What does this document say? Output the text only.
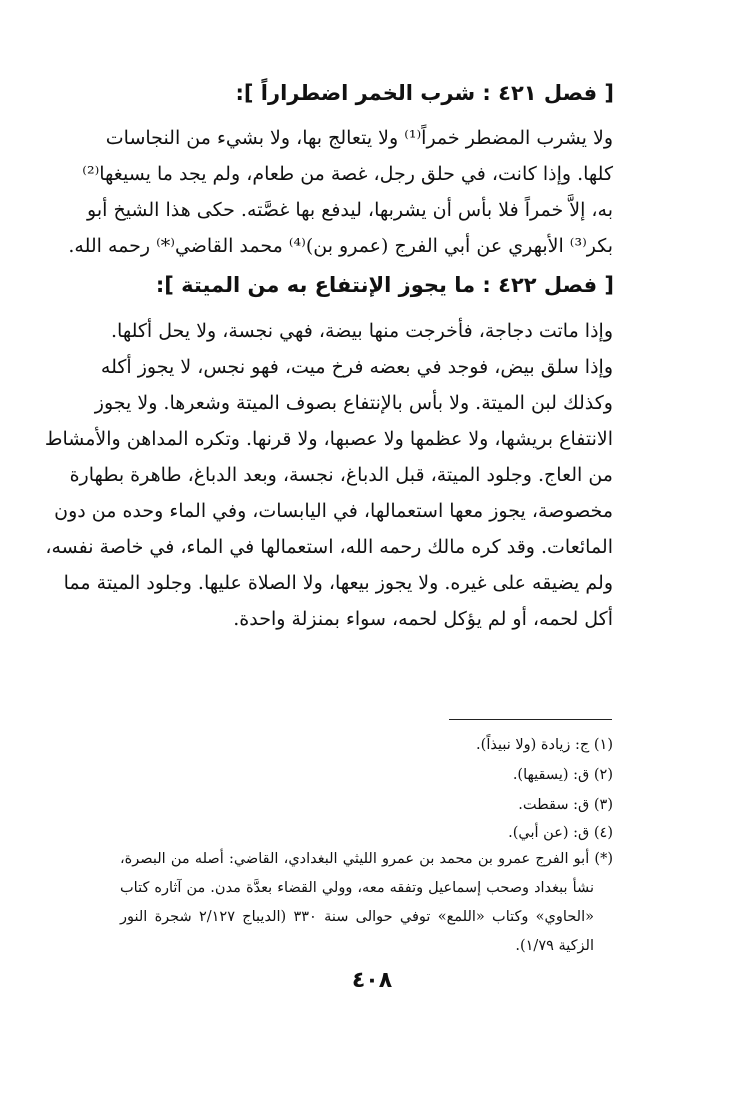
[ فصل ٤٢١ : شرب الخمر اضطراراً ]:
ولا يشرب المضطر خمراً⁽¹⁾ ولا يتعالج بها، ولا بشيء من النجاسات
كلها. وإذا كانت، في حلق رجل، غصة من طعام، ولم يجد ما يسيغها⁽²⁾
به، إلاَّ خمراً فلا بأس أن يشربها، ليدفع بها غصَّته. حكى هذا الشيخ أبو
بكر⁽³⁾ الأبهري عن أبي الفرج (عمرو بن)⁽⁴⁾ محمد القاضي⁽*⁾ رحمه الله.
[ فصل ٤٢٢ : ما يجوز الإنتفاع به من الميتة ]:
وإذا ماتت دجاجة، فأخرجت منها بيضة، فهي نجسة، ولا يحل أكلها.
وإذا سلق بيض، فوجد في بعضه فرخ ميت، فهو نجس، لا يجوز أكله
وكذلك لبن الميتة. ولا بأس بالإنتفاع بصوف الميتة وشعرها. ولا يجوز
الانتفاع بريشها، ولا عظمها ولا عصبها، ولا قرنها. وتكره المداهن والأمشاط
من العاج. وجلود الميتة، قبل الدباغ، نجسة، وبعد الدباغ، طاهرة بطهارة
مخصوصة، يجوز معها استعمالها، في اليابسات، وفي الماء وحده من دون
المائعات. وقد كره مالك رحمه الله، استعمالها في الماء، في خاصة نفسه،
ولم يضيقه على غيره. ولا يجوز بيعها، ولا الصلاة عليها. وجلود الميتة مما
أكل لحمه، أو لم يؤكل لحمه، سواء بمنزلة واحدة.
(١) ج: زيادة (ولا نبيذاً).
(٢) ق: (يسقيها).
(٣) ق: سقطت.
(٤) ق: (عن أبي).
(*) أبو الفرج عمرو بن محمد بن عمرو الليثي البغدادي، القاضي: أصله من البصرة،
نشأ ببغداد وصحب إسماعيل وتفقه معه، وولي القضاء بعدَّة مدن. من آثاره كتاب
«الحاوي» وكتاب «اللمع» توفي حوالى سنة ٣٣٠ (الديباج ٢/١٢٧ شجرة النور
الزكية ١/٧٩).
٤٠٨
